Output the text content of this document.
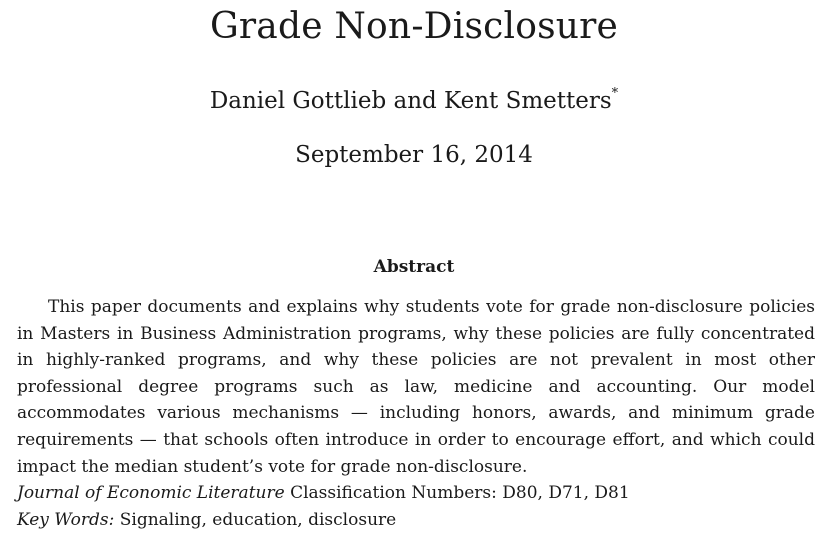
Grade Non-Disclosure
Daniel Gottlieb and Kent Smetters*
September 16, 2014
Abstract

This paper documents and explains why students vote for grade non-disclosure policies in Masters in Business Administration programs, why these policies are fully concentrated in highly-ranked programs, and why these policies are not prevalent in most other professional degree programs such as law, medicine and accounting. Our model accommodates various mechanisms — including honors, awards, and minimum grade requirements — that schools often introduce in order to encourage effort, and which could impact the median student’s vote for grade non-disclosure.

Journal of Economic Literature Classification Numbers: D80, D71, D81

Key Words: Signaling, education, disclosure
